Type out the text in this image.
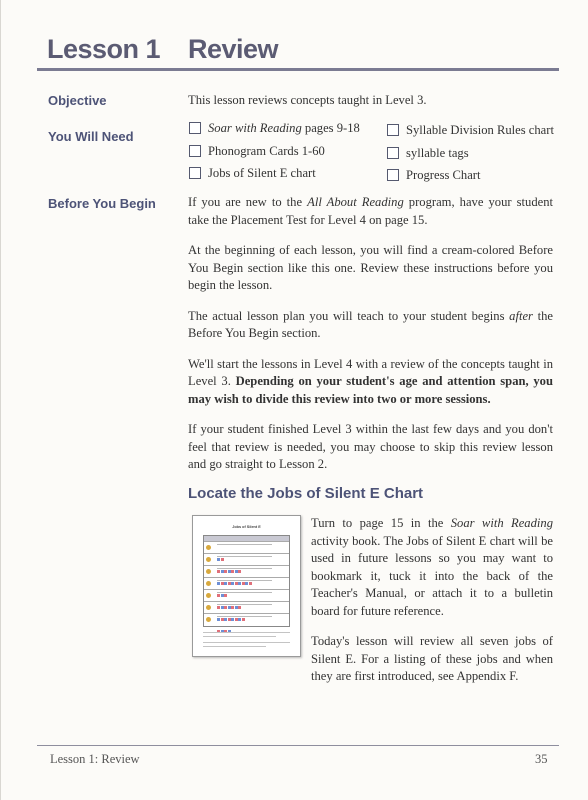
Lesson 1 Review
Objective	This lesson reviews concepts taught in Level 3.

You Will Need
Soar with Reading pages 9-18
Phonogram Cards 1-60
Jobs of Silent E chart
Syllable Division Rules chart
syllable tags
Progress Chart
Before You Begin	If you are new to the All About Reading program, have your student take the Placement Test for Level 4 on page 15.

At the beginning of each lesson, you will find a cream-colored Before You Begin section like this one. Review these instructions before you begin the lesson.

The actual lesson plan you will teach to your student begins after the Before You Begin section.

We'll start the lessons in Level 4 with a review of the concepts taught in Level 3. Depending on your student's age and attention span, you may wish to divide this review into two or more sessions.

If your student finished Level 3 within the last few days and you don't feel that review is needed, you may choose to skip this review lesson and go straight to Lesson 2.

Locate the Jobs of Silent E Chart
Jobs of Silent E	Turn to page 15 in the Soar with Reading activity book. The Jobs of Silent E chart will be used in future lessons so you may want to bookmark it, tuck it into the back of the Teacher's Manual, or attach it to a bulletin board for future reference.

Today's lesson will review all seven jobs of Silent E. For a listing of these jobs and when they are first introduced, see Appendix F.

Lesson 1: Review	35
